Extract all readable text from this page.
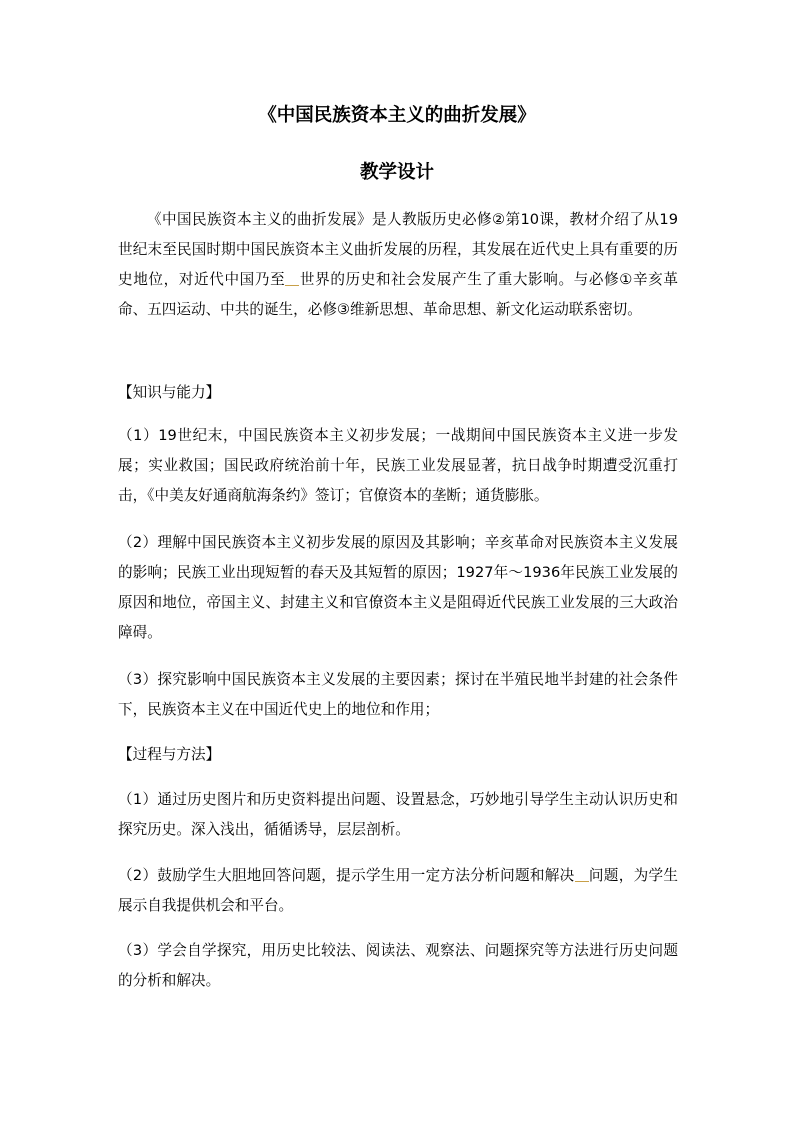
《中国民族资本主义的曲折发展》
教学设计

《中国民族资本主义的曲折发展》是人教版历史必修②第10课，教材介绍了从19世纪末至民国时期中国民族资本主义曲折发展的历程，其发展在近代史上具有重要的历史地位，对近代中国乃至 世界的历史和社会发展产生了重大影响。与必修①辛亥革命、五四运动、中共的诞生，必修③维新思想、革命思想、新文化运动联系密切。

【知识与能力】

（1）19世纪末，中国民族资本主义初步发展；一战期间中国民族资本主义进一步发展；实业救国；国民政府统治前十年，民族工业发展显著，抗日战争时期遭受沉重打击，《中美友好通商航海条约》签订；官僚资本的垄断；通货膨胀。

（2）理解中国民族资本主义初步发展的原因及其影响；辛亥革命对民族资本主义发展的影响；民族工业出现短暂的春天及其短暂的原因；1927年～1936年民族工业发展的原因和地位，帝国主义、封建主义和官僚资本主义是阻碍近代民族工业发展的三大政治障碍。

（3）探究影响中国民族资本主义发展的主要因素；探讨在半殖民地半封建的社会条件下，民族资本主义在中国近代史上的地位和作用；

【过程与方法】

（1）通过历史图片和历史资料提出问题、设置悬念，巧妙地引导学生主动认识历史和探究历史。深入浅出，循循诱导，层层剖析。

（2）鼓励学生大胆地回答问题，提示学生用一定方法分析问题和解决 问题，为学生展示自我提供机会和平台。

（3）学会自学探究，用历史比较法、阅读法、观察法、问题探究等方法进行历史问题的分析和解决。
